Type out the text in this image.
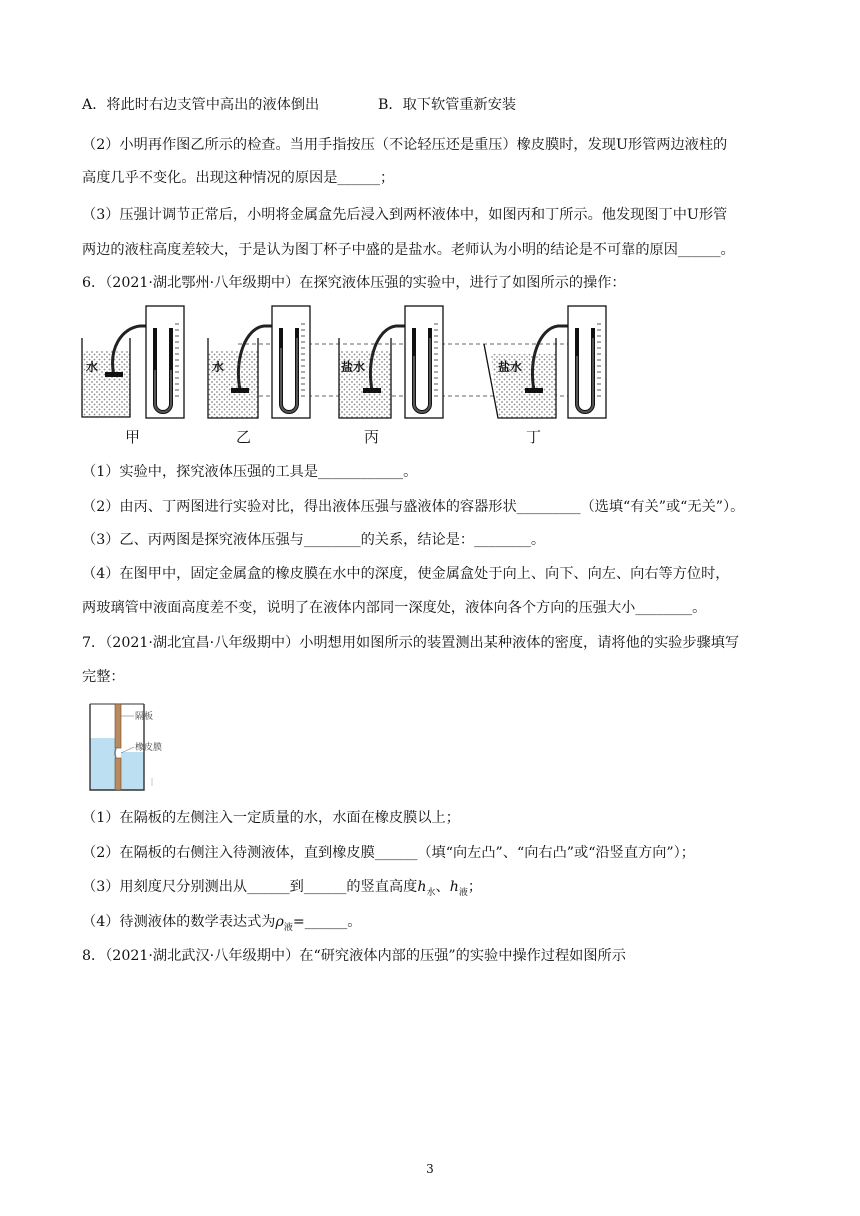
A．将此时右边支管中高出的液体倒出	B．取下软管重新安装
（2）小明再作图乙所示的检查。当用手指按压（不论轻压还是重压）橡皮膜时，发现U形管两边液柱的
高度几乎不变化。出现这种情况的原因是______；
（3）压强计调节正常后，小明将金属盒先后浸入到两杯液体中，如图丙和丁所示。他发现图丁中U形管
两边的液柱高度差较大，于是认为图丁杯子中盛的是盐水。老师认为小明的结论是不可靠的原因______。
6．（2021·湖北鄂州·八年级期中）在探究液体压强的实验中，进行了如图所示的操作：
水
甲
水
乙
盐水
丙
盐水
丁
（1）实验中，探究液体压强的工具是____________。
（2）由丙、丁两图进行实验对比，得出液体压强与盛液体的容器形状_________（选填“有关”或“无关”）。
（3）乙、丙两图是探究液体压强与________的关系，结论是：________。
（4）在图甲中，固定金属盒的橡皮膜在水中的深度，使金属盒处于向上、向下、向左、向右等方位时，
两玻璃管中液面高度差不变，说明了在液体内部同一深度处，液体向各个方向的压强大小________。
7．（2021·湖北宜昌·八年级期中）小明想用如图所示的装置测出某种液体的密度，请将他的实验步骤填写
完整：
隔板
橡皮膜
（1）在隔板的左侧注入一定质量的水，水面在橡皮膜以上；
（2）在隔板的右侧注入待测液体，直到橡皮膜______（填“向左凸”、“向右凸”或“沿竖直方向”）；
（3）用刻度尺分别测出从______到______的竖直高度$h_水$、$h_液$；
（4）待测液体的数学表达式为$\rho_液=\_\_\_\_\_\_$。
8．（2021·湖北武汉·八年级期中）在“研究液体内部的压强”的实验中操作过程如图所示
3
